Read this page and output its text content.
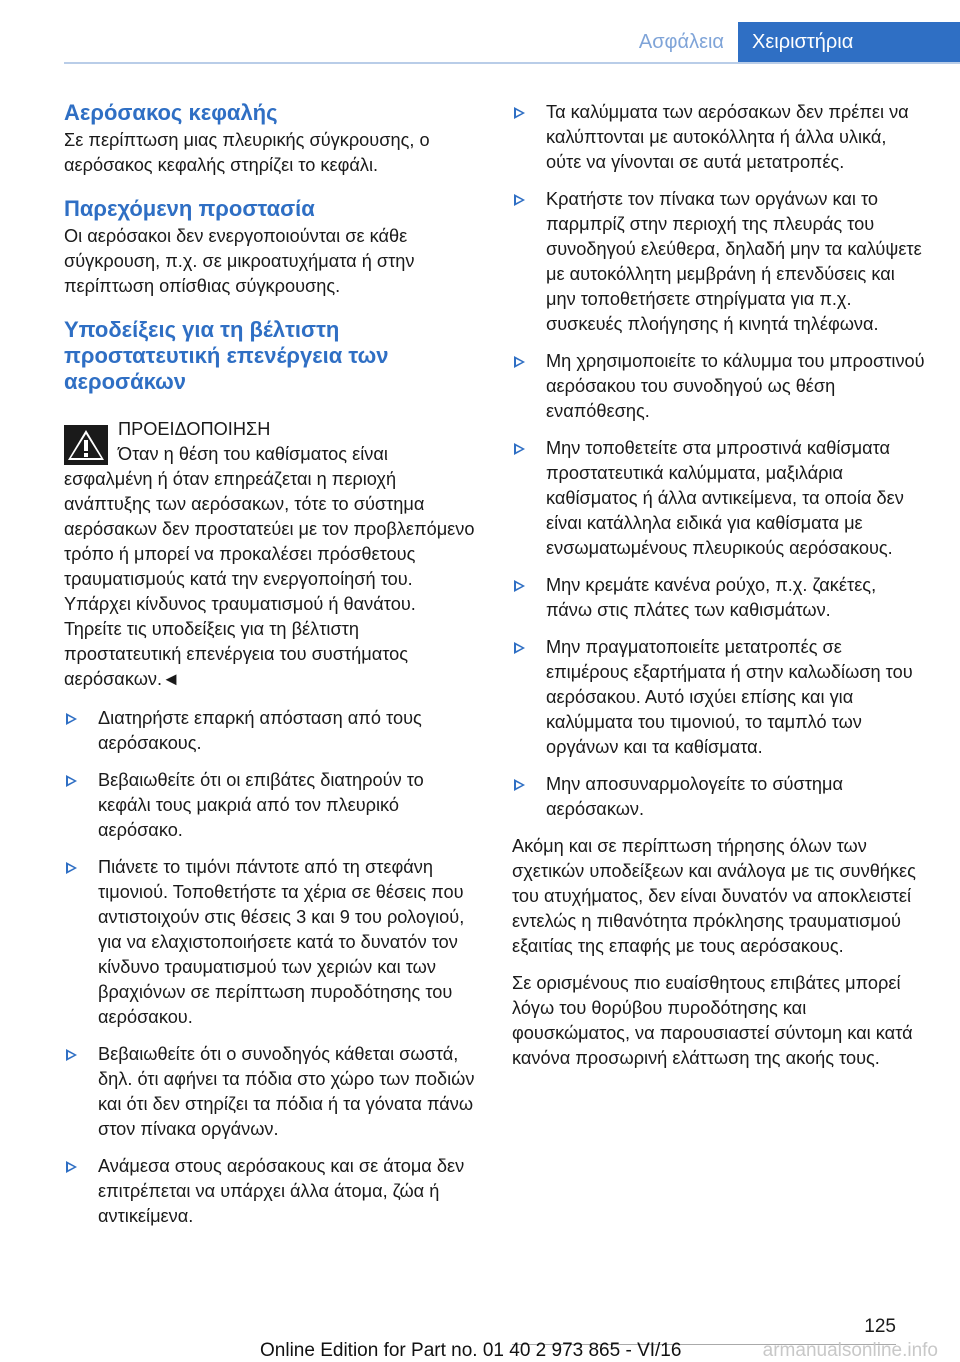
Ασφάλεια	Χειριστήρια
Αερόσακος κεφαλής

Σε περίπτωση μιας πλευρικής σύγκρουσης, ο αερόσακος κεφαλής στηρίζει το κεφάλι.

Παρεχόμενη προστασία

Οι αερόσακοι δεν ενεργοποιούνται σε κάθε σύγκρουση, π.χ. σε μικροατυχήματα ή στην περίπτωση οπίσθιας σύγκρουσης.

Υποδείξεις για τη βέλτιστη προστατευτική επενέργεια των αεροσάκων
ΠΡΟΕΙΔΟΠΟΙΗΣΗ
Όταν η θέση του καθίσματος είναι
εσφαλμένη ή όταν επηρεάζεται η περιοχή ανάπτυξης των αερόσακων, τότε το σύστημα αερόσακων δεν προστατεύει με τον προβλεπόμενο τρόπο ή μπορεί να προκαλέσει πρόσθετους τραυματισμούς κατά την ενεργοποίησή του. Υπάρχει κίνδυνος τραυματισμού ή θανάτου. Τηρείτε τις υποδείξεις για τη βέλτιστη προστατευτική επενέργεια του συστήματος αερόσακων.◄
Διατηρήστε επαρκή απόσταση από τους αερόσακους.
Βεβαιωθείτε ότι οι επιβάτες διατηρούν το κεφάλι τους μακριά από τον πλευρικό αερόσακο.
Πιάνετε το τιμόνι πάντοτε από τη στεφάνη τιμονιού. Τοποθετήστε τα χέρια σε θέσεις που αντιστοιχούν στις θέσεις 3 και 9 του ρολογιού, για να ελαχιστοποιήσετε κατά το δυνατόν τον κίνδυνο τραυματισμού των χεριών και των βραχιόνων σε περίπτωση πυροδότησης του αερόσακου.
Βεβαιωθείτε ότι ο συνοδηγός κάθεται σωστά, δηλ. ότι αφήνει τα πόδια στο χώρο των ποδιών και ότι δεν στηρίζει τα πόδια ή τα γόνατα πάνω στον πίνακα οργάνων.
Ανάμεσα στους αερόσακους και σε άτομα δεν επιτρέπεται να υπάρχει άλλα άτομα, ζώα ή αντικείμενα.
Τα καλύμματα των αερόσακων δεν πρέπει να καλύπτονται με αυτοκόλλητα ή άλλα υλικά, ούτε να γίνονται σε αυτά μετατροπές.
Κρατήστε τον πίνακα των οργάνων και το παρμπρίζ στην περιοχή της πλευράς του συνοδηγού ελεύθερα, δηλαδή μην τα καλύψετε με αυτοκόλλητη μεμβράνη ή επενδύσεις και μην τοποθετήσετε στηρίγματα για π.χ. συσκευές πλοήγησης ή κινητά τηλέφωνα.
Μη χρησιμοποιείτε το κάλυμμα του μπροστινού αερόσακου του συνοδηγού ως θέση εναπόθεσης.
Μην τοποθετείτε στα μπροστινά καθίσματα προστατευτικά καλύμματα, μαξιλάρια καθίσματος ή άλλα αντικείμενα, τα οποία δεν είναι κατάλληλα ειδικά για καθίσματα με ενσωματωμένους πλευρικούς αερόσακους.
Μην κρεμάτε κανένα ρούχο, π.χ. ζακέτες, πάνω στις πλάτες των καθισμάτων.
Μην πραγματοποιείτε μετατροπές σε επιμέρους εξαρτήματα ή στην καλωδίωση του αερόσακου. Αυτό ισχύει επίσης και για καλύμματα του τιμονιού, το ταμπλό των οργάνων και τα καθίσματα.
Μην αποσυναρμολογείτε το σύστημα αερόσακων.

Ακόμη και σε περίπτωση τήρησης όλων των σχετικών υποδείξεων και ανάλογα με τις συνθήκες του ατυχήματος, δεν είναι δυνατόν να αποκλειστεί εντελώς η πιθανότητα πρόκλησης τραυματισμού εξαιτίας της επαφής με τους αερόσακους.

Σε ορισμένους πιο ευαίσθητους επιβάτες μπορεί λόγω του θορύβου πυροδότησης και φουσκώματος, να παρουσιαστεί σύντομη και κατά κανόνα προσωρινή ελάττωση της ακοής τους.

125
Online Edition for Part no. 01 40 2 973 865 - VI/16	armanualsonline.info
